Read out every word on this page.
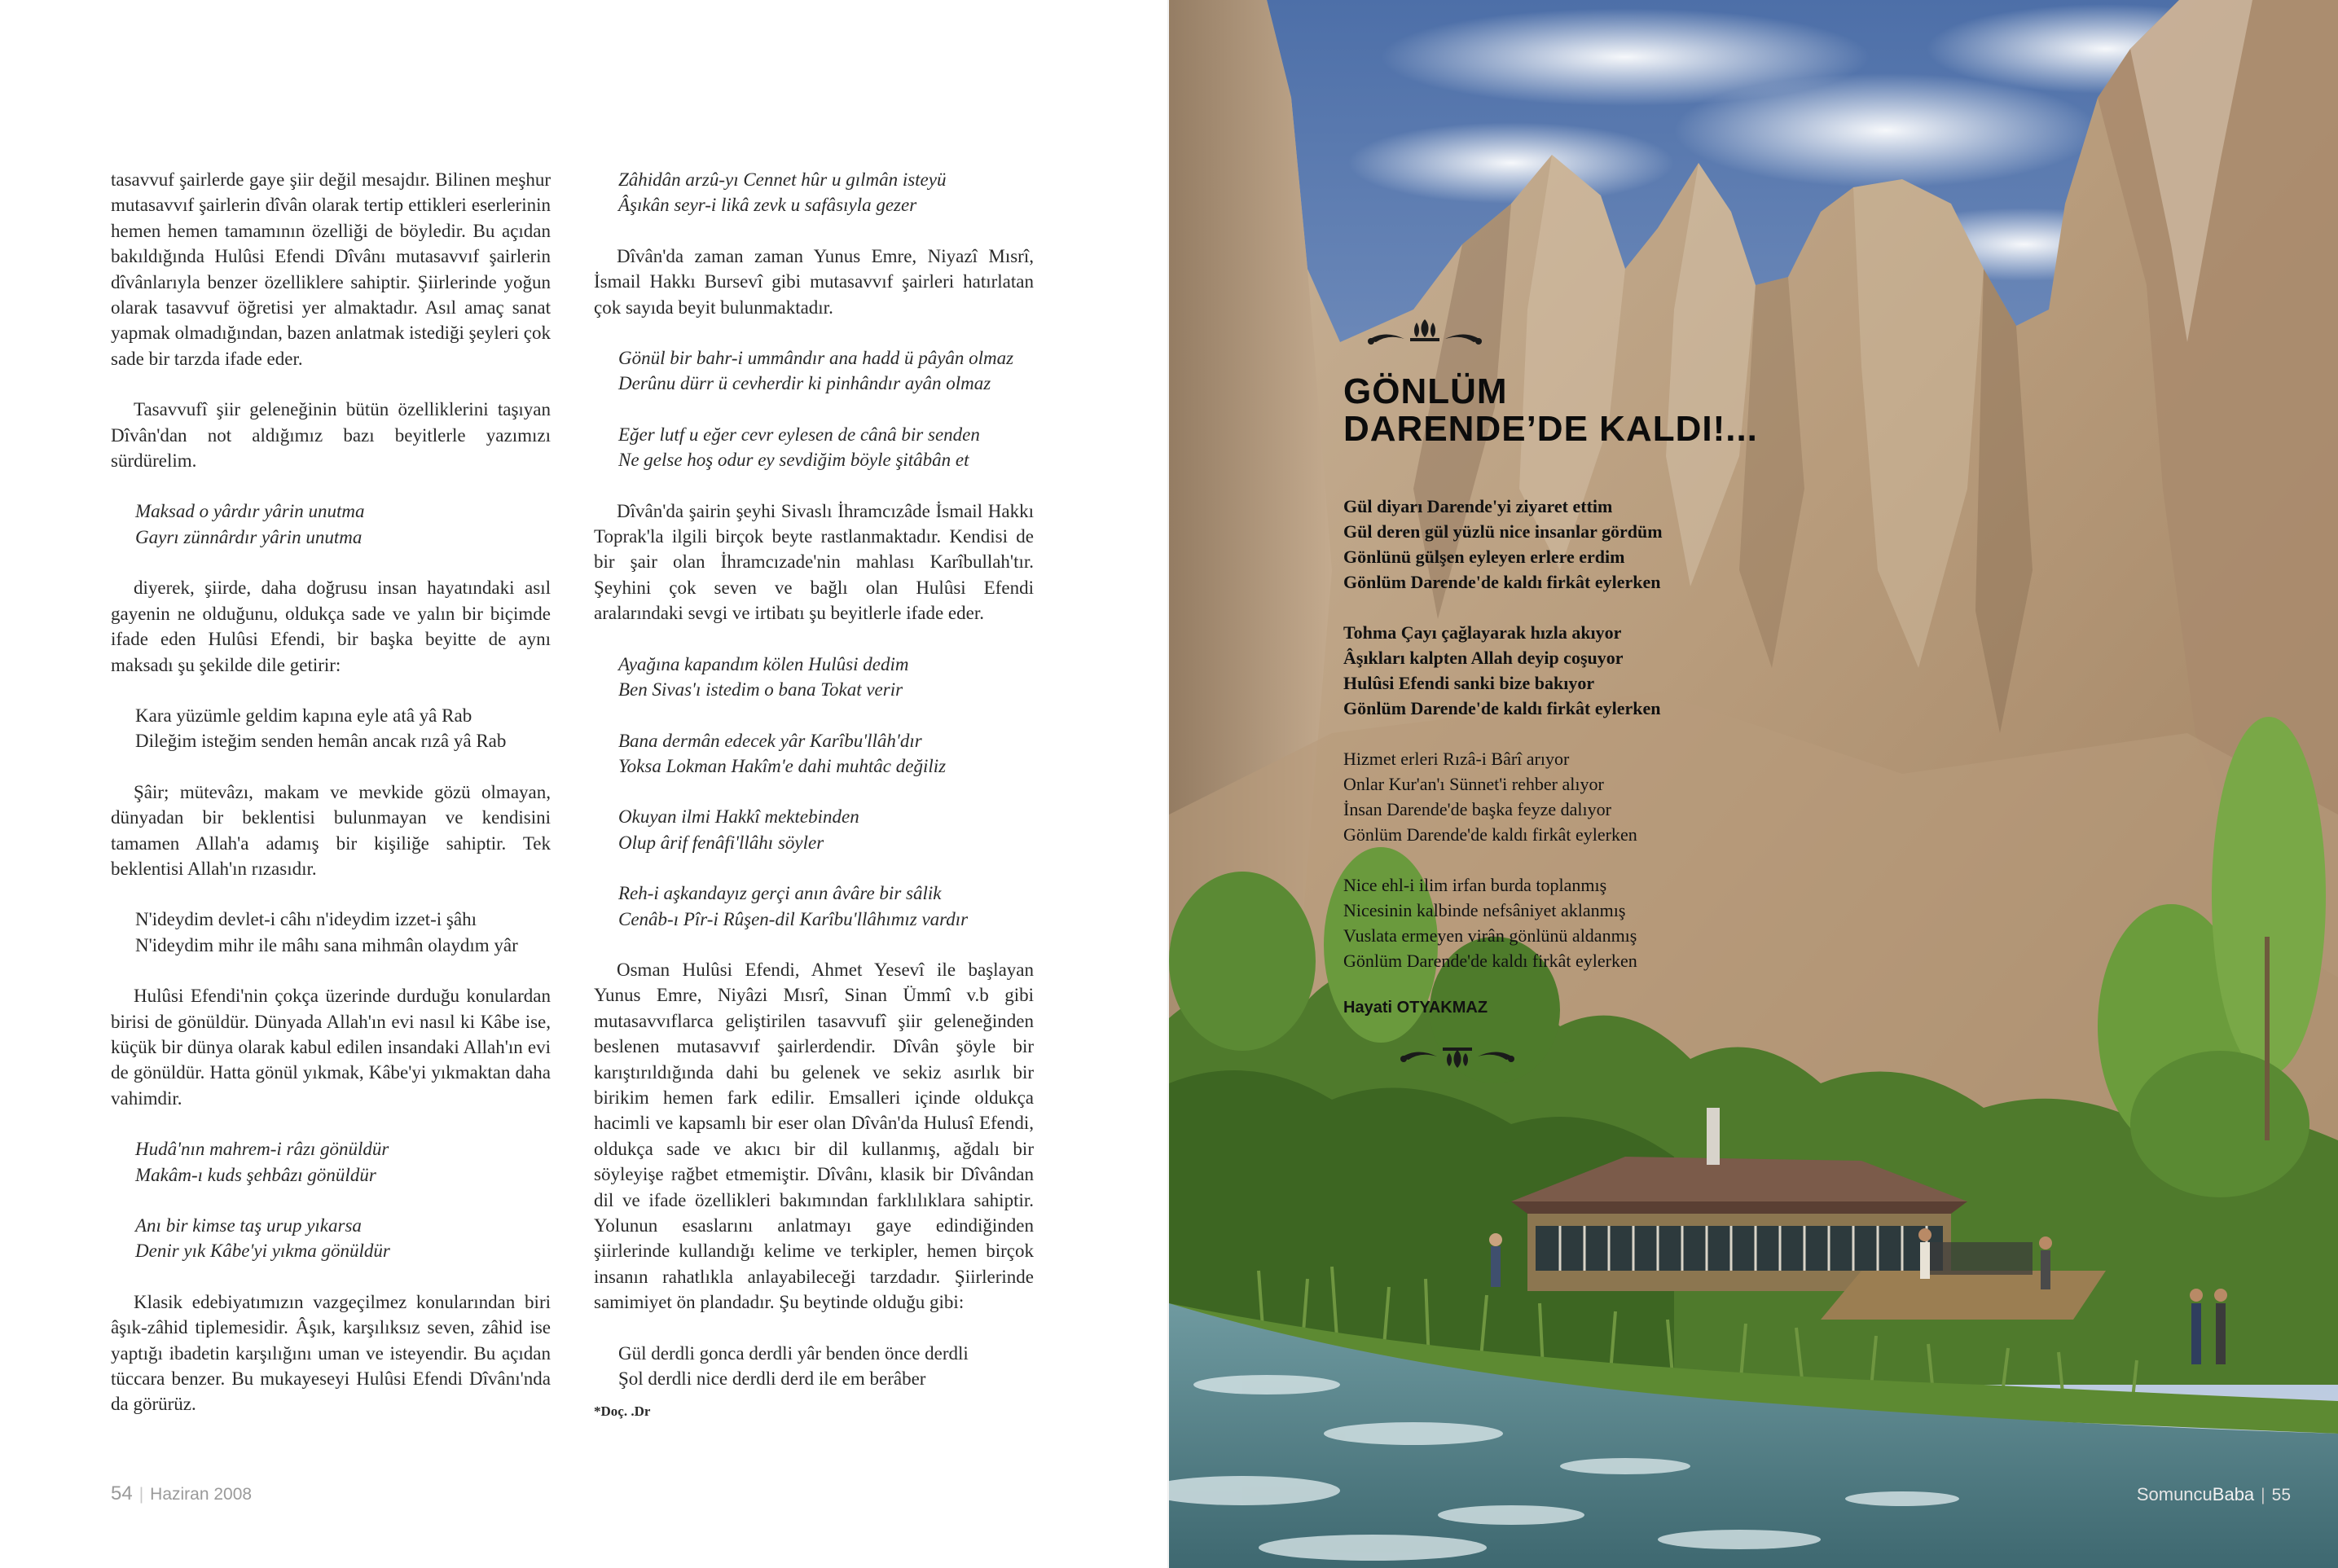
tasavvuf şairlerde gaye şiir değil mesajdır. Bilinen meşhur mutasavvıf şairlerin dîvân olarak tertip ettikleri eserlerinin hemen hemen tamamının özelliği de böyledir. Bu açıdan bakıldığında Hulûsi Efendi Dîvânı mutasavvıf şairlerin dîvânlarıyla benzer özelliklere sahiptir. Şiirlerinde yoğun olarak tasavvuf öğretisi yer almaktadır. Asıl amaç sanat yapmak olmadığından, bazen anlatmak istediği şeyleri çok sade bir tarzda ifade eder.

Tasavvufî şiir geleneğinin bütün özelliklerini taşıyan Dîvân'dan not aldığımız bazı beyitlerle yazımızı sürdürelim.

Maksad o yârdır yârin unutma
Gayrı zünnârdır yârin unutma

diyerek, şiirde, daha doğrusu insan hayatındaki asıl gayenin ne olduğunu, oldukça sade ve yalın bir biçimde ifade eden Hulûsi Efendi, bir başka beyitte de aynı maksadı şu şekilde dile getirir:

Kara yüzümle geldim kapına eyle atâ yâ Rab
Dileğim isteğim senden hemân ancak rızâ yâ Rab

Şâir; mütevâzı, makam ve mevkide gözü olmayan, dünyadan bir beklentisi bulunmayan ve kendisini tamamen Allah'a adamış bir kişiliğe sahiptir. Tek beklentisi Allah'ın rızasıdır.

N'ideydim devlet-i câhı n'ideydim izzet-i şâhı
N'ideydim mihr ile mâhı sana mihmân olaydım yâr

Hulûsi Efendi'nin çokça üzerinde durduğu konulardan birisi de gönüldür. Dünyada Allah'ın evi nasıl ki Kâbe ise, küçük bir dünya olarak kabul edilen insandaki Allah'ın evi de gönüldür. Hatta gönül yıkmak, Kâbe'yi yıkmaktan daha vahimdir.

Hudâ'nın mahrem-i râzı gönüldür
Makâm-ı kuds şehbâzı gönüldür
Anı bir kimse taş urup yıkarsa
Denir yık Kâbe'yi yıkma gönüldür

Klasik edebiyatımızın vazgeçilmez konularından biri âşık-zâhid tiplemesidir. Âşık, karşılıksız seven, zâhid ise yaptığı ibadetin karşılığını uman ve isteyendir. Bu açıdan tüccara benzer. Bu mukayeseyi Hulûsi Efendi Dîvânı'nda da görürüz.

Zâhidân arzû-yı Cennet hûr u gılmân isteyü
Âşıkân seyr-i likâ zevk u safâsıyla gezer

Dîvân'da zaman zaman Yunus Emre, Niyazî Mısrî, İsmail Hakkı Bursevî gibi mutasavvıf şairleri hatırlatan çok sayıda beyit bulunmaktadır.

Gönül bir bahr-i ummândır ana hadd ü pâyân olmaz
Derûnu dürr ü cevherdir ki pinhândır ayân olmaz
Eğer lutf u eğer cevr eylesen de cânâ bir senden
Ne gelse hoş odur ey sevdiğim böyle şitâbân et

Dîvân'da şairin şeyhi Sivaslı İhramcızâde İsmail Hakkı Toprak'la ilgili birçok beyte rastlanmaktadır. Kendisi de bir şair olan İhramcızade'nin mahlası Karîbullah'tır. Şeyhini çok seven ve bağlı olan Hulûsi Efendi aralarındaki sevgi ve irtibatı şu beyitlerle ifade eder.

Ayağına kapandım kölen Hulûsi dedim
Ben Sivas'ı istedim o bana Tokat verir
Bana dermân edecek yâr Karîbu'llâh'dır
Yoksa Lokman Hakîm'e dahi muhtâc değiliz
Okuyan ilmi Hakkî mektebinden
Olup ârif fenâfi'llâhı söyler
Reh-i aşkandayız gerçi anın âvâre bir sâlik
Cenâb-ı Pîr-i Rûşen-dil Karîbu'llâhımız vardır

Osman Hulûsi Efendi, Ahmet Yesevî ile başlayan Yunus Emre, Niyâzi Mısrî, Sinan Ümmî v.b gibi mutasavvıflarca geliştirilen tasavvufî şiir geleneğinden beslenen mutasavvıf şairlerdendir. Dîvân şöyle bir karıştırıldığında dahi bu gelenek ve sekiz asırlık bir birikim hemen fark edilir. Emsalleri içinde oldukça hacimli ve kapsamlı bir eser olan Dîvân'da Hulusî Efendi, oldukça sade ve akıcı bir dil kullanmış, ağdalı bir söyleyişe rağbet etmemiştir. Dîvânı, klasik bir Dîvândan dil ve ifade özellikleri bakımından farklılıklara sahiptir. Yolunun esaslarını anlatmayı gaye edindiğinden şiirlerinde kullandığı kelime ve terkipler, hemen birçok insanın rahatlıkla anlayabileceği tarzdadır. Şiirlerinde samimiyet ön plandadır. Şu beytinde olduğu gibi:

Gül derdli gonca derdli yâr benden önce derdli
Şol derdli nice derdli derd ile em berâber
*Doç. .Dr
54 | Haziran 2008
GÖNLÜM
DARENDE’DE KALDI!...
Gül diyarı Darende'yi ziyaret ettim
Gül deren gül yüzlü nice insanlar gördüm
Gönlünü gülşen eyleyen erlere erdim
Gönlüm Darende'de kaldı firkât eylerken
Tohma Çayı çağlayarak hızla akıyor
Âşıkları kalpten Allah deyip coşuyor
Hulûsi Efendi sanki bize bakıyor
Gönlüm Darende'de kaldı firkât eylerken
Hizmet erleri Rızâ-i Bârî arıyor
Onlar Kur'an'ı Sünnet'i rehber alıyor
İnsan Darende'de başka feyze dalıyor
Gönlüm Darende'de kaldı firkât eylerken
Nice ehl-i ilim irfan burda toplanmış
Nicesinin kalbinde nefsâniyet aklanmış
Vuslata ermeyen virân gönlünü aldanmış
Gönlüm Darende'de kaldı firkât eylerken
Hayati OTYAKMAZ
SomuncuBaba | 55
